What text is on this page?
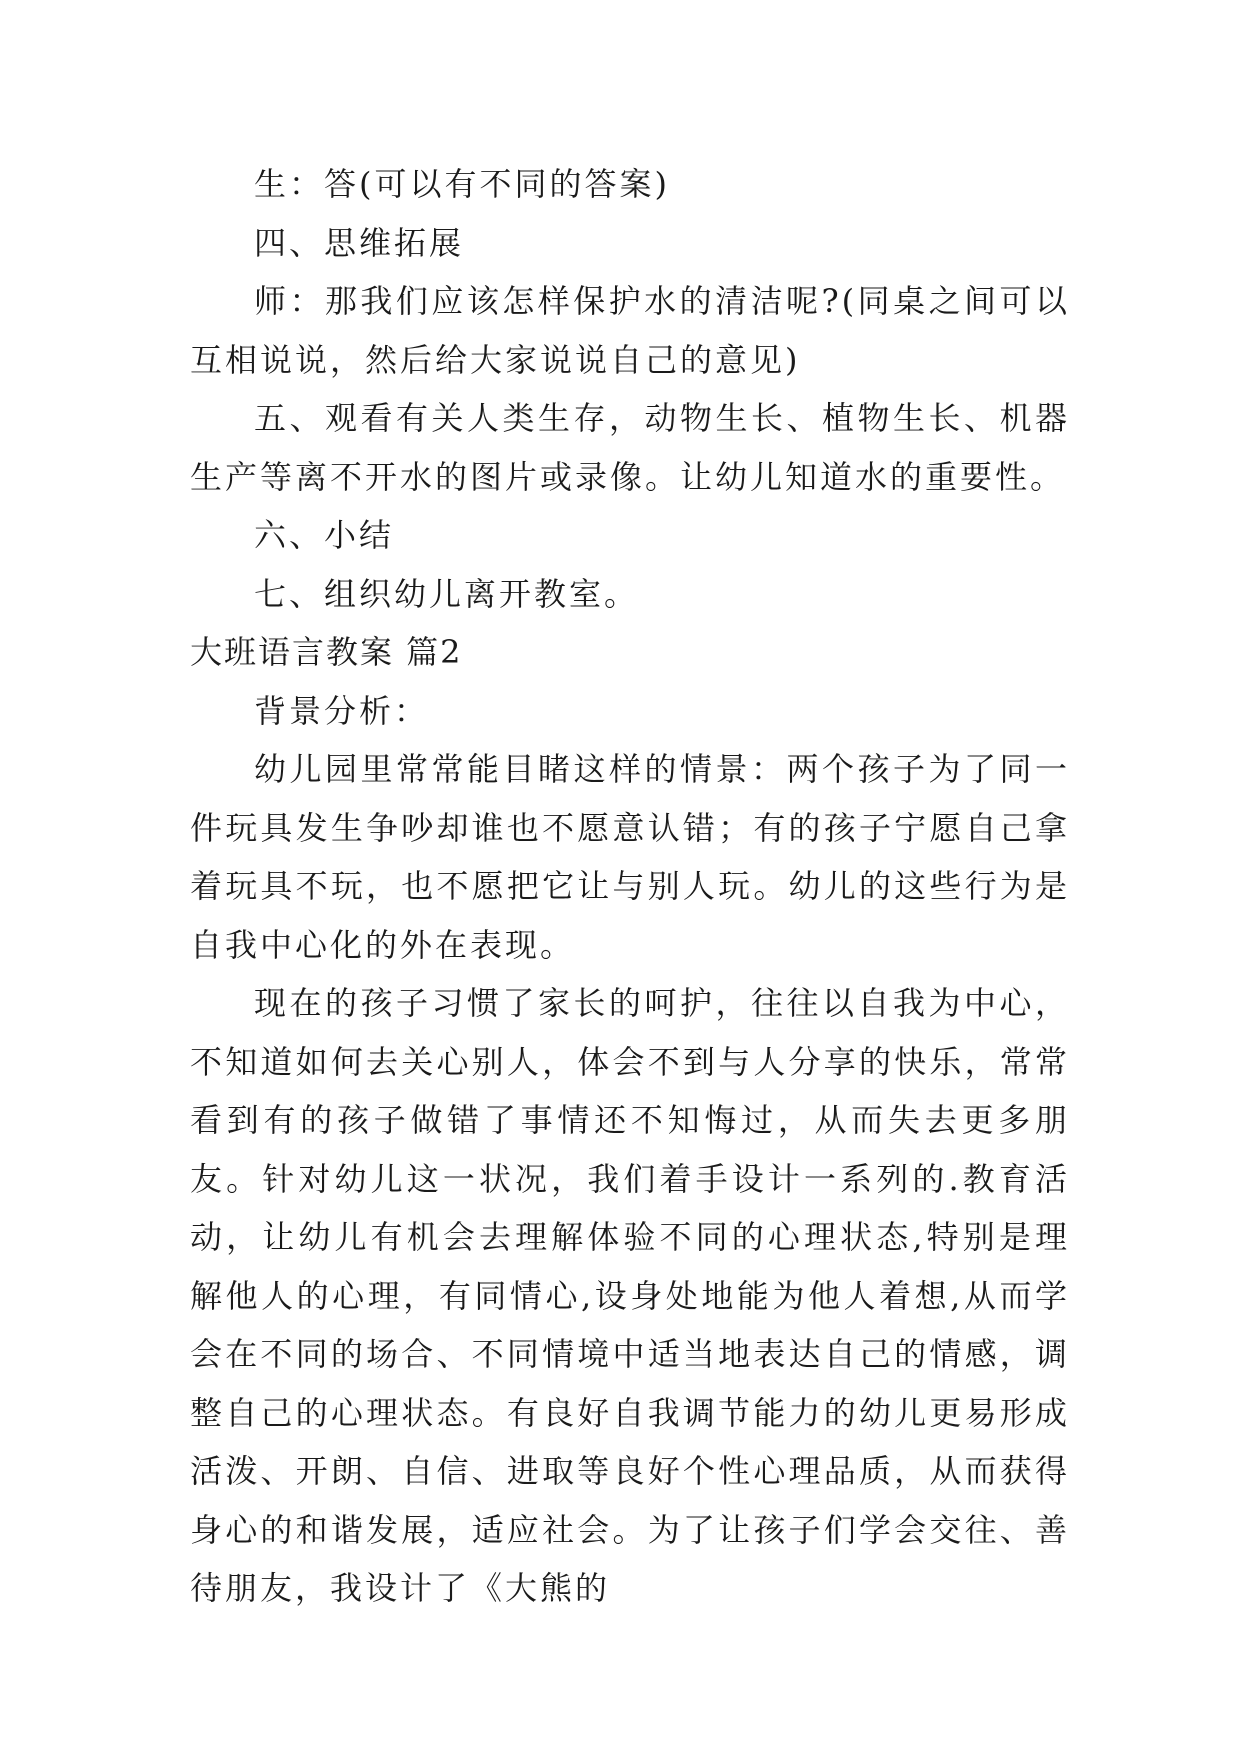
生：答(可以有不同的答案)

四、思维拓展

师：那我们应该怎样保护水的清洁呢?(同桌之间可以互相说说，然后给大家说说自己的意见)

五、观看有关人类生存，动物生长、植物生长、机器生产等离不开水的图片或录像。让幼儿知道水的重要性。

六、小结

七、组织幼儿离开教室。

大班语言教案 篇2

背景分析：

幼儿园里常常能目睹这样的情景：两个孩子为了同一件玩具发生争吵却谁也不愿意认错；有的孩子宁愿自己拿着玩具不玩，也不愿把它让与别人玩。幼儿的这些行为是自我中心化的外在表现。

现在的孩子习惯了家长的呵护，往往以自我为中心，不知道如何去关心别人，体会不到与人分享的快乐，常常看到有的孩子做错了事情还不知悔过，从而失去更多朋友。针对幼儿这一状况，我们着手设计一系列的.教育活动，让幼儿有机会去理解体验不同的心理状态,特别是理解他人的心理，有同情心,设身处地能为他人着想,从而学会在不同的场合、不同情境中适当地表达自己的情感，调整自己的心理状态。有良好自我调节能力的幼儿更易形成活泼、开朗、自信、进取等良好个性心理品质，从而获得身心的和谐发展，适应社会。为了让孩子们学会交往、善待朋友，我设计了《大熊的
